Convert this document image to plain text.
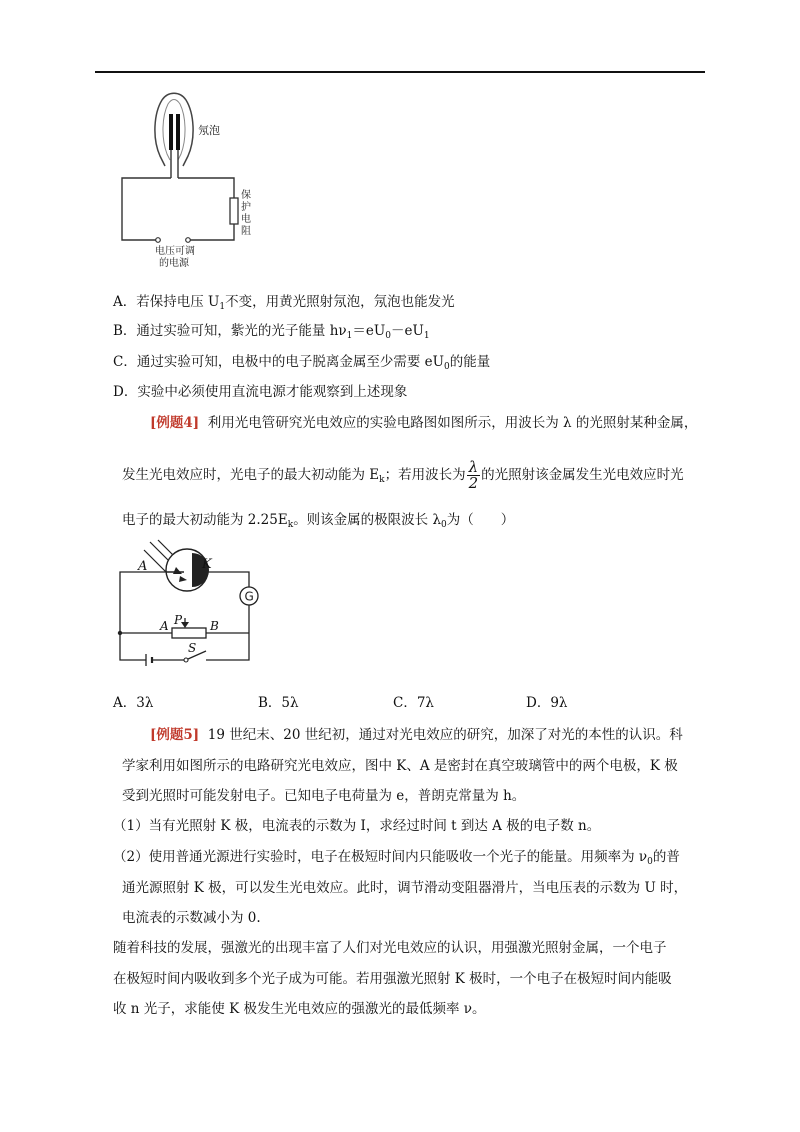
氖泡
保
护
电
阻
电压可调
的电源
A．若保持电压 $U_1$不变，用黄光照射氖泡，氖泡也能发光
B．通过实验可知，紫光的光子能量 $h\nu_1=eU_0-eU_1$
C．通过实验可知，电极中的电子脱离金属至少需要 $eU_0$的能量
D．实验中必须使用直流电源才能观察到上述现象
[例题4] 利用光电管研究光电效应的实验电路图如图所示，用波长为 λ 的光照射某种金属，
发生光电效应时，光电子的最大初动能为 $E_k$；若用波长为 $\frac{\lambda}{2}$ 的光照射该金属发生光电效应时光
电子的最大初动能为 $2.25E_k$。则该金属的极限波长 $\lambda_0$为（　　）
A	K
G
A P B
S
A．3λ	B．5λ	C．7λ	D．9λ
[例题5] 19 世纪末、20 世纪初，通过对光电效应的研究，加深了对光的本性的认识。科
学家利用如图所示的电路研究光电效应，图中 K、A 是密封在真空玻璃管中的两个电极，K 极
受到光照时可能发射电子。已知电子电荷量为 e，普朗克常量为 h。
（1）当有光照射 K 极，电流表的示数为 I，求经过时间 t 到达 A 极的电子数 n。
（2）使用普通光源进行实验时，电子在极短时间内只能吸收一个光子的能量。用频率为 $\nu_0$的普
通光源照射 K 极，可以发生光电效应。此时，调节滑动变阻器滑片，当电压表的示数为 U 时，
电流表的示数减小为 0.
随着科技的发展，强激光的出现丰富了人们对光电效应的认识，用强激光照射金属，一个电子
在极短时间内吸收到多个光子成为可能。若用强激光照射 K 极时，一个电子在极短时间内能吸
收 n 光子，求能使 K 极发生光电效应的强激光的最低频率 ν。
